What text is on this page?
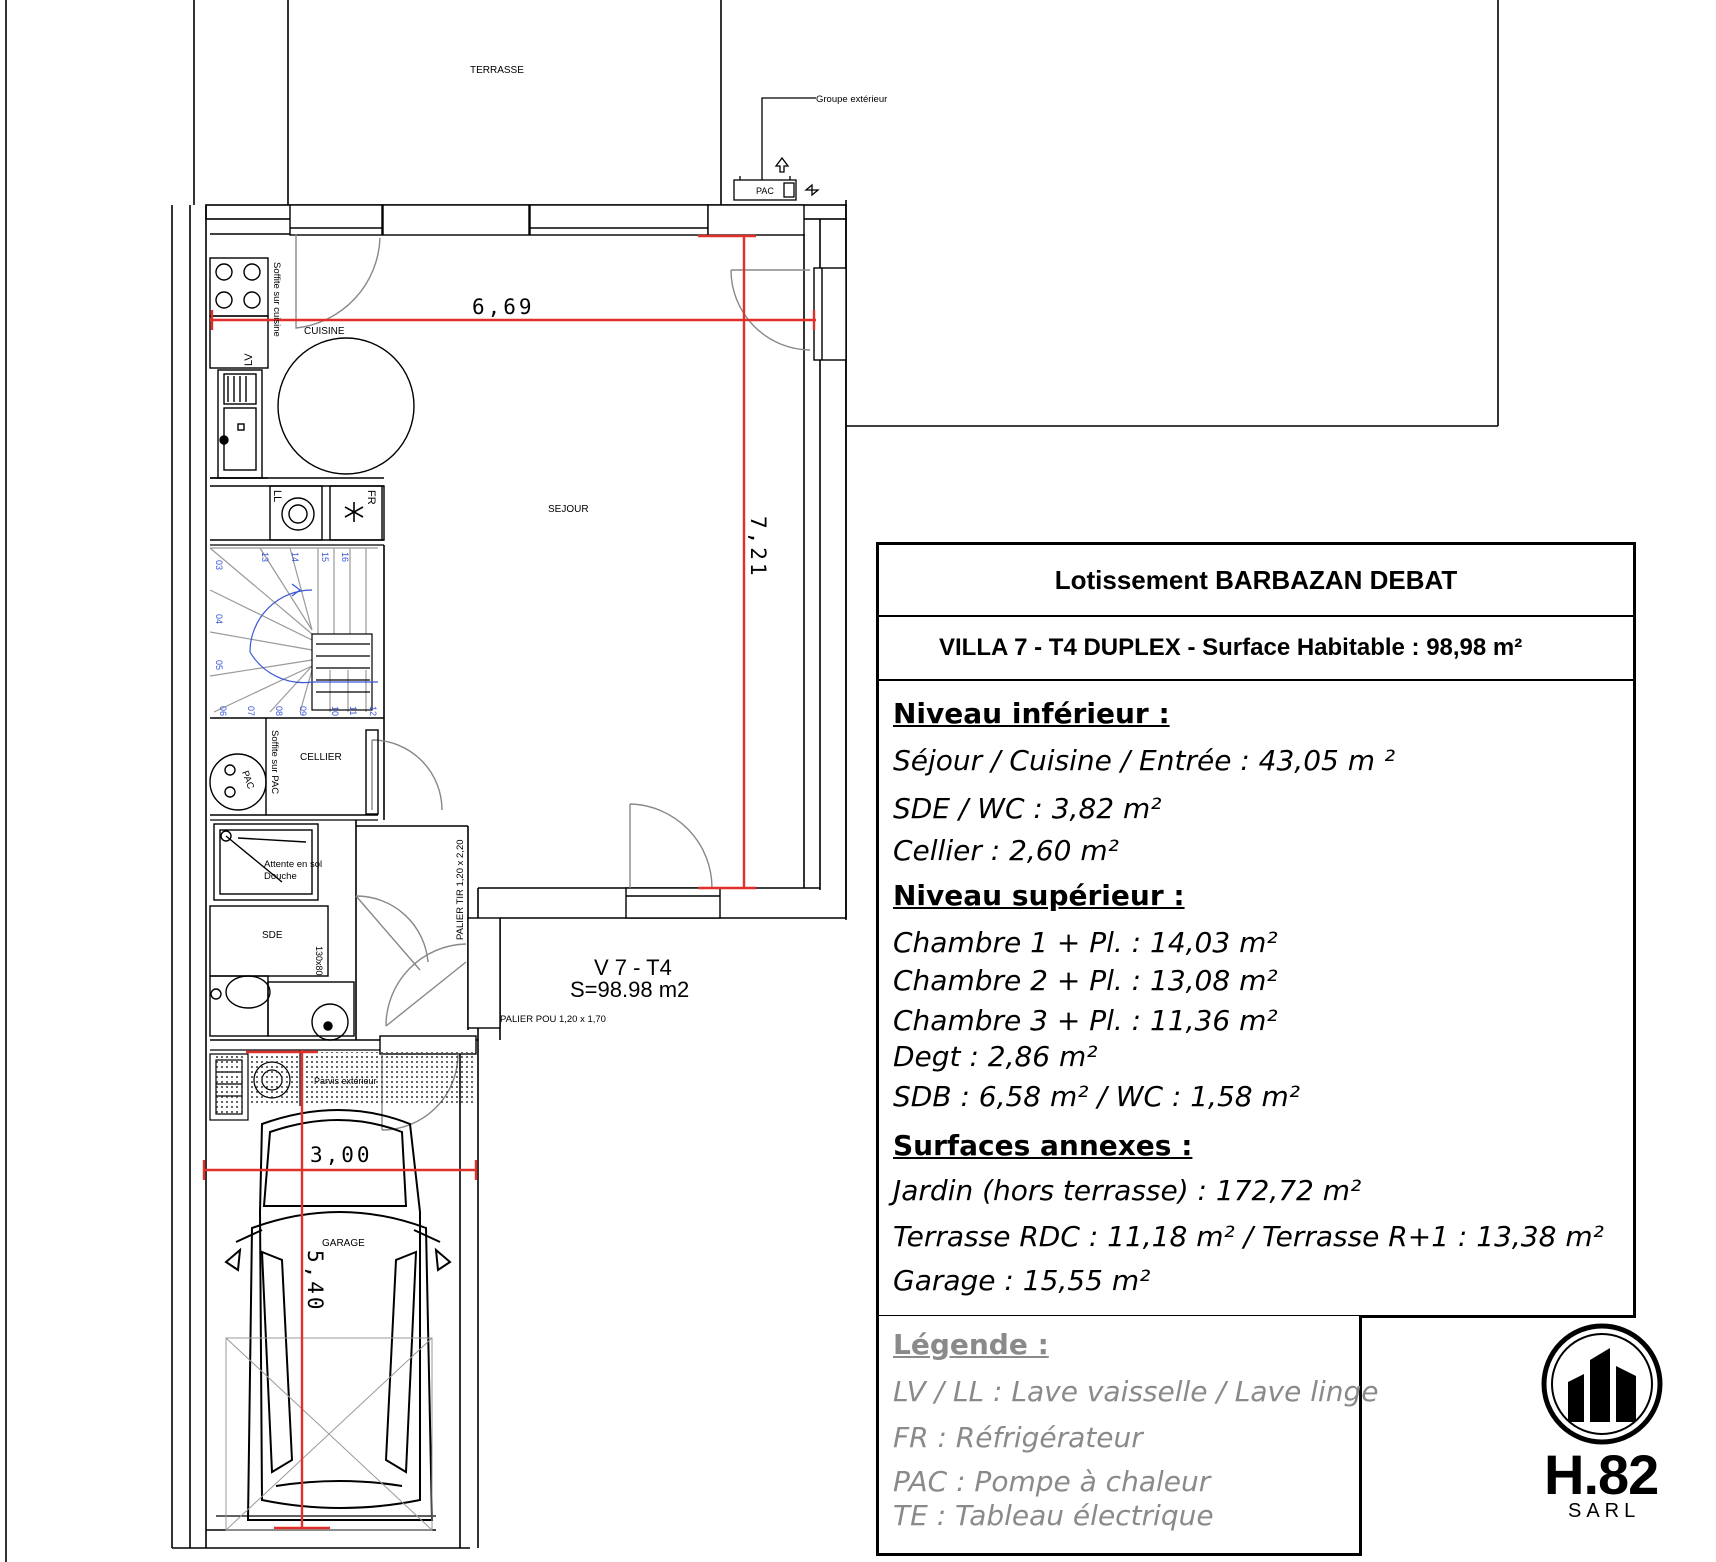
03
04
05
06 07 08 09 10 11 12
13 14 15 16
TERRASSE
Groupe extérieur
PAC
CUISINE
Soffite sur cuisine
LV
LL	FR
SEJOUR
CELLIER
Soffite sur PAC
PAC
Attente en sol
Douche
SDE
130x80
PALIER TIR 1,20 x 2,20
PALIER POU 1,20 x 1,70
V 7 - T4
S=98.98 m2
GARAGE
Parvis extérieur
6,69
7,21
3,00
5,40
Lotissement BARBAZAN DEBAT
VILLA 7 - T4 DUPLEX - Surface Habitable : 98,98 m²
Niveau inférieur :
Séjour / Cuisine / Entrée : 43,05 m ²
SDE / WC : 3,82 m²
Cellier : 2,60 m²
Niveau supérieur :
Chambre 1 + Pl. : 14,03 m²
Chambre 2 + Pl. : 13,08 m²
Chambre 3 + Pl. : 11,36 m²
Degt : 2,86 m²
SDB : 6,58 m² / WC : 1,58 m²
Surfaces annexes :
Jardin (hors terrasse) : 172,72 m²
Terrasse RDC : 11,18 m² / Terrasse R+1 : 13,38 m²
Garage : 15,55 m²
Légende :
LV / LL : Lave vaisselle / Lave linge
FR : Réfrigérateur
PAC : Pompe à chaleur
TE : Tableau électrique
H.82
SARL
